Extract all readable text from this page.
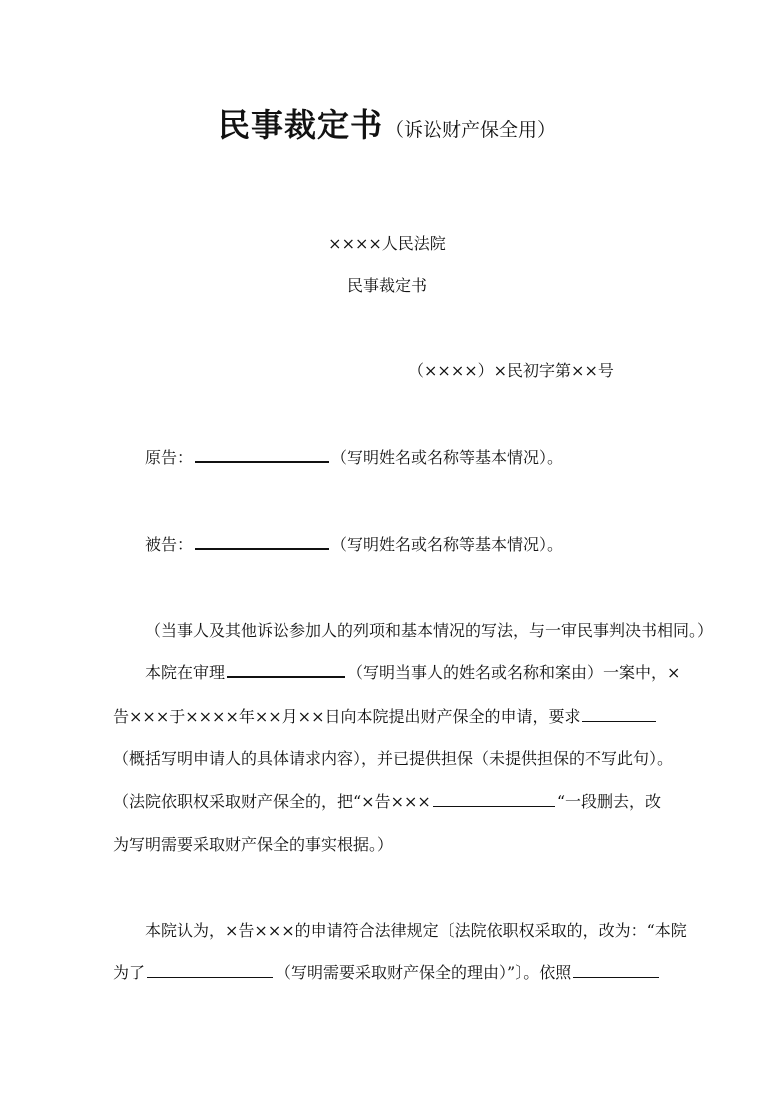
民事裁定书 （诉讼财产保全用）
××××人民法院
民事裁定书
（××××）×民初字第××号
原告：	（写明姓名或名称等基本情况）。
被告：	（写明姓名或名称等基本情况）。
（当事人及其他诉讼参加人的列项和基本情况的写法，与一审民事判决书相同。）
本院在审理	（写明当事人的姓名或名称和案由）一案中，×
告×××于××××年××月××日向本院提出财产保全的申请，要求
（概括写明申请人的具体请求内容），并已提供担保（未提供担保的不写此句）。
（法院依职权采取财产保全的，把“×告×××	“一段删去，改
为写明需要采取财产保全的事实根据。）
本院认为，×告×××的申请符合法律规定〔法院依职权采取的，改为：“本院
为了	（写明需要采取财产保全的理由）”〕。依照
